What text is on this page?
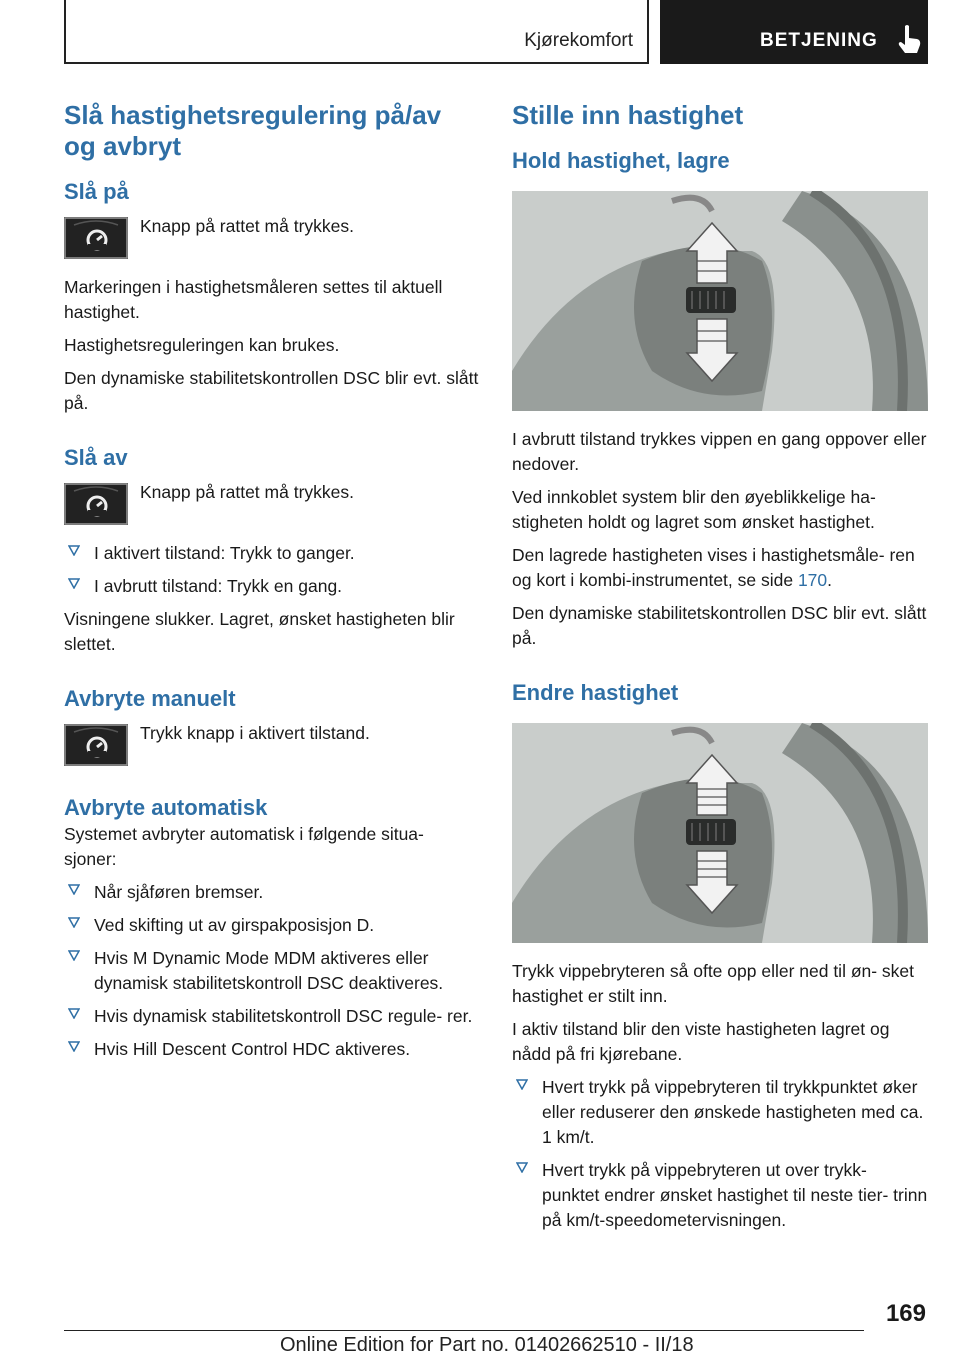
Kjørekomfort	BETJENING
Slå hastighetsregulering på/av og avbryt
Slå på

Knapp på rattet må trykkes.

Markeringen i hastighetsmåleren settes til aktuell hastighet.

Hastighetsreguleringen kan brukes.

Den dynamiske stabilitetskontrollen DSC blir evt. slått på.

Slå av

Knapp på rattet må trykkes.

I aktivert tilstand: Trykk to ganger.
I avbrutt tilstand: Trykk en gang.

Visningene slukker. Lagret, ønsket hastigheten blir slettet.

Avbryte manuelt

Trykk knapp i aktivert tilstand.

Avbryte automatisk

Systemet avbryter automatisk i følgende situa- sjoner:

Når sjåføren bremser.
Ved skifting ut av girspakposisjon D.
Hvis M Dynamic Mode MDM aktiveres eller dynamisk stabilitetskontroll DSC deaktiveres.
Hvis dynamisk stabilitetskontroll DSC regule- rer.
Hvis Hill Descent Control HDC aktiveres.
Stille inn hastighet
Hold hastighet, lagre

I avbrutt tilstand trykkes vippen en gang oppover eller nedover.

Ved innkoblet system blir den øyeblikkelige ha- stigheten holdt og lagret som ønsket hastighet.

Den lagrede hastigheten vises i hastighetsmåle- ren og kort i kombi-instrumentet, se side 170.

Den dynamiske stabilitetskontrollen DSC blir evt. slått på.

Endre hastighet

Trykk vippebryteren så ofte opp eller ned til øn- sket hastighet er stilt inn.

I aktiv tilstand blir den viste hastigheten lagret og nådd på fri kjørebane.

Hvert trykk på vippebryteren til trykkpunktet øker eller reduserer den ønskede hastigheten med ca. 1 km/t.
Hvert trykk på vippebryteren ut over trykk- punktet endrer ønsket hastighet til neste tier- trinn på km/t-speedometervisningen.
169
Online Edition for Part no. 01402662510 - II/18
